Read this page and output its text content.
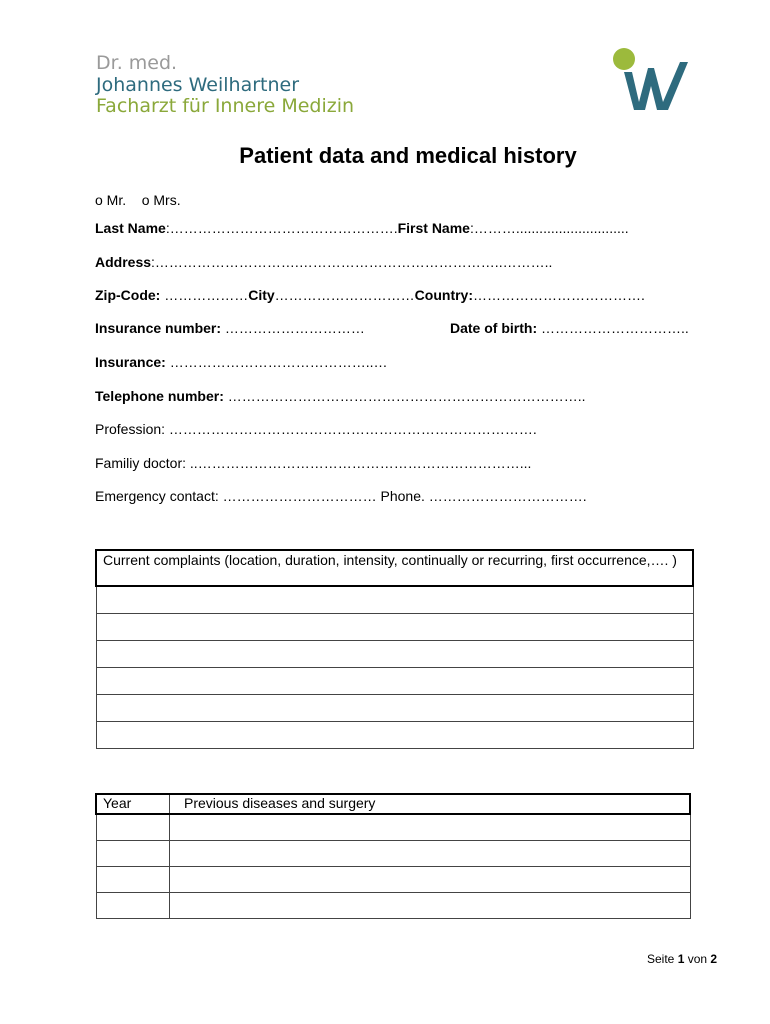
Dr. med.
Johannes Weilhartner
Facharzt für Innere Medizin
Patient data and medical history
o Mr. o Mrs.
Last Name:………………………………………….First Name:……….............................
Address:………………………….……………………………………..………..
Zip-Code: ………………City…………………………Country:……………………………….
Insurance number: …………………………	Date of birth: …………………………..
Insurance: ……………………………………..…
Telephone number: …………………………………………………………………..
Profession: …………………………………………………………………….
Familiy doctor: ..……………………………………………………………...
Emergency contact: …………………………… Phone. …………………………….
Current complaints (location, duration, intensity, continually or recurring, first occurrence,…. )

Year	Previous diseases and surgery

Seite 1 von 2
